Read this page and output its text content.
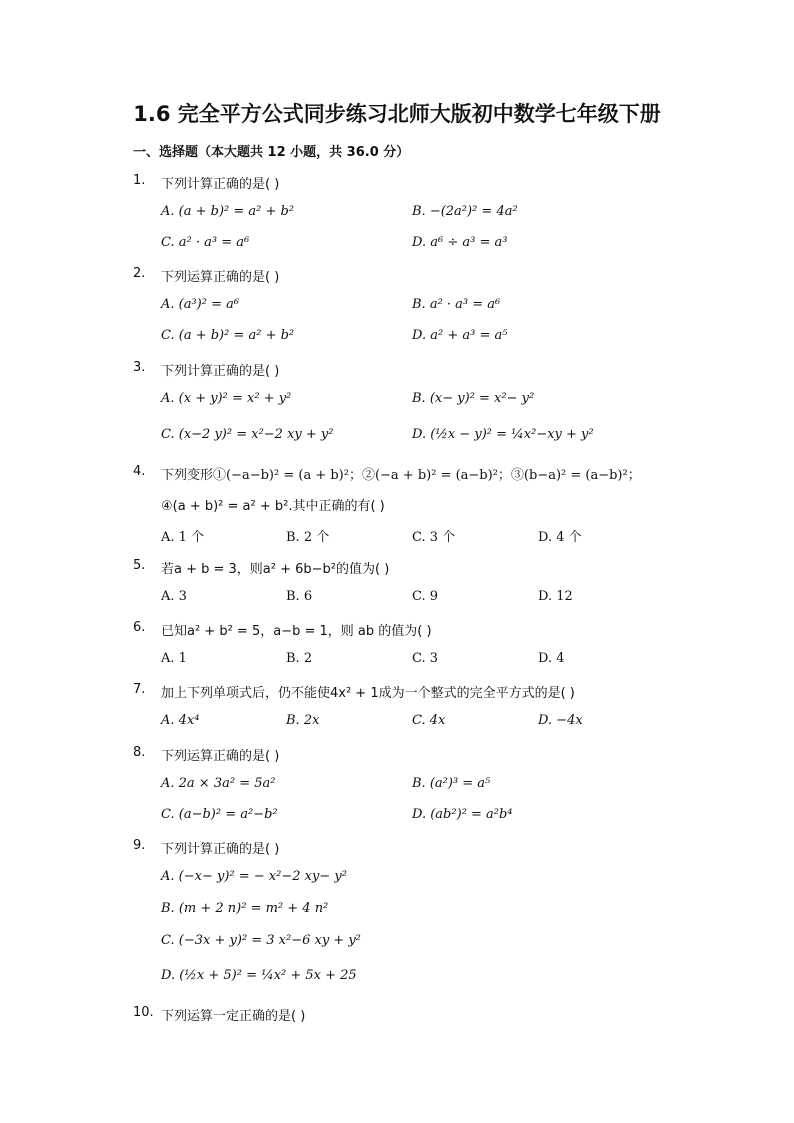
1.6 完全平方公式同步练习北师大版初中数学七年级下册
一、选择题（本大题共 12 小题，共 36.0 分）
1. 下列计算正确的是( )
A. (a + b)² = a² + b²	B. −(2a²)² = 4a²
C. a² · a³ = a⁶	D. a⁶ ÷ a³ = a³
2. 下列运算正确的是( )
A. (a³)² = a⁶	B. a² · a³ = a⁶
C. (a + b)² = a² + b²	D. a² + a³ = a⁵
3. 下列计算正确的是( )
A. (x + y)² = x² + y²	B. (x− y)² = x²− y²
C. (x−2 y)² = x²−2 xy + y²	D. (½x − y)² = ¼x²−xy + y²
4. 下列变形①(−a−b)² = (a + b)²；②(−a + b)² = (a−b)²；③(b−a)² = (a−b)²；
④(a + b)² = a² + b².其中正确的有( )
A. 1 个	B. 2 个	C. 3 个	D. 4 个
5. 若a + b = 3，则a² + 6b−b²的值为( )
A. 3	B. 6	C. 9	D. 12
6. 已知a² + b² = 5，a−b = 1，则 ab 的值为( )
A. 1	B. 2	C. 3	D. 4
7. 加上下列单项式后，仍不能使4x² + 1成为一个整式的完全平方式的是( )
A. 4x⁴	B. 2x	C. 4x	D. −4x
8. 下列运算正确的是( )
A. 2a × 3a² = 5a²	B. (a²)³ = a⁵
C. (a−b)² = a²−b²	D. (ab²)² = a²b⁴
9. 下列计算正确的是( )
A. (−x− y)² = − x²−2 xy− y²
B. (m + 2 n)² = m² + 4 n²
C. (−3x + y)² = 3 x²−6 xy + y²
D. (½x + 5)² = ¼x² + 5x + 25
10. 下列运算一定正确的是( )
